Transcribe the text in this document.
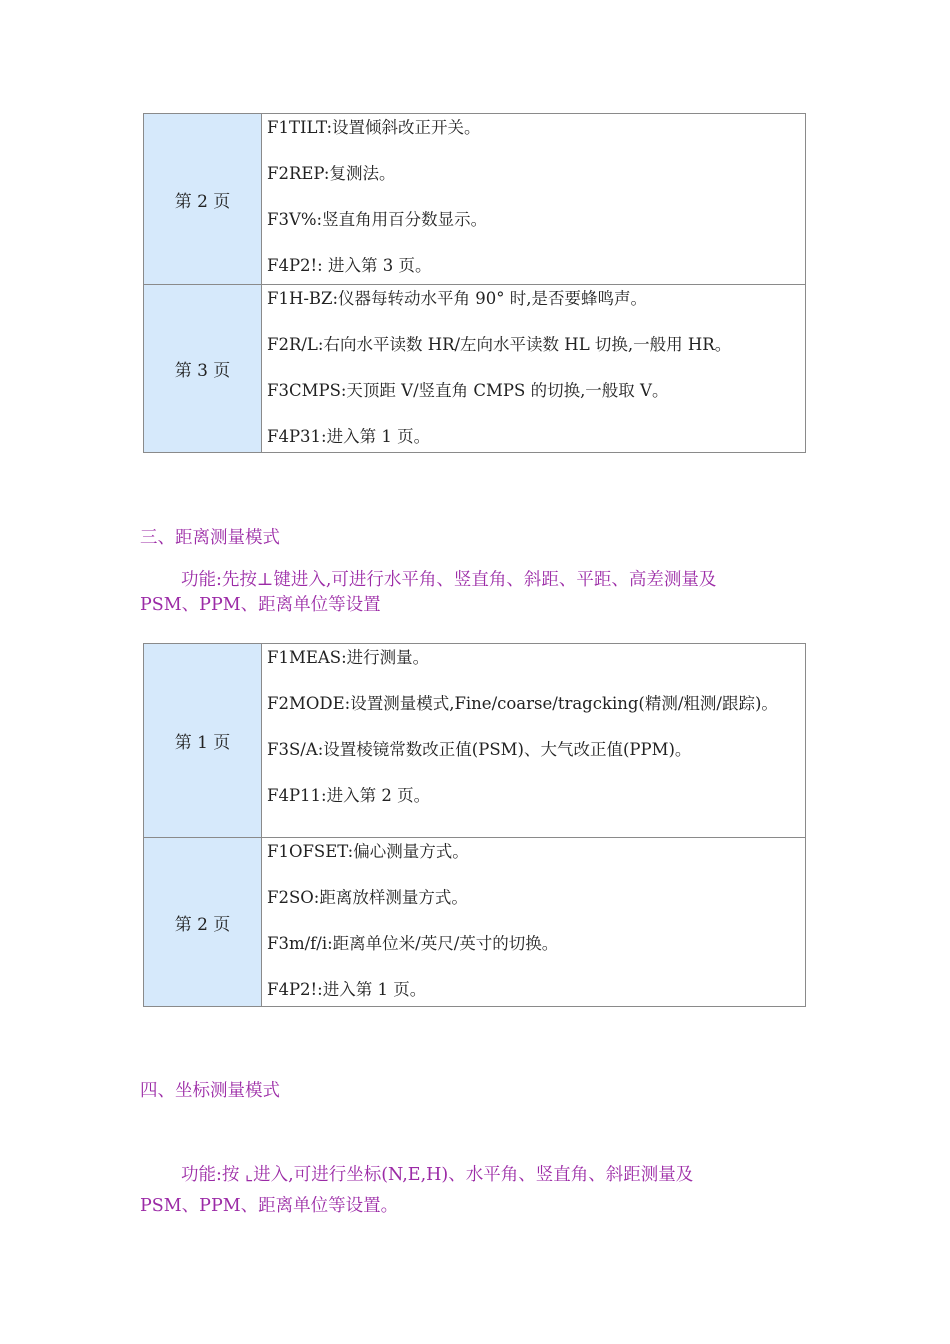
第 2 页	F1TILT:设置倾斜改正开关。

F2REP:复测法。

F3V%:竖直角用百分数显示。

F4P2!: 进入第 3 页。

第 3 页	F1H-BZ:仪器每转动水平角 90° 时,是否要蜂鸣声。

F2R/L:右向水平读数 HR/左向水平读数 HL 切换,一般用 HR。

F3CMPS:天顶距 V/竖直角 CMPS 的切换,一般取 V。

F4P31:进入第 1 页。

三、距离测量模式

功能:先按⊥键进入,可进行水平角、竖直角、斜距、平距、高差测量及

PSM、PPM、距离单位等设置

第 1 页	F1MEAS:进行测量。

F2MODE:设置测量模式,Fine/coarse/tragcking(精测/粗测/跟踪)。

F3S/A:设置棱镜常数改正值(PSM)、大气改正值(PPM)。

F4P11:进入第 2 页。

第 2 页	F1OFSET:偏心测量方式。

F2SO:距离放样测量方式。

F3m/f/i:距离单位米/英尺/英寸的切换。

F4P2!:进入第 1 页。

四、坐标测量模式

功能:按 ⌞进入,可进行坐标(N,E,H)、水平角、竖直角、斜距测量及

PSM、PPM、距离单位等设置。
